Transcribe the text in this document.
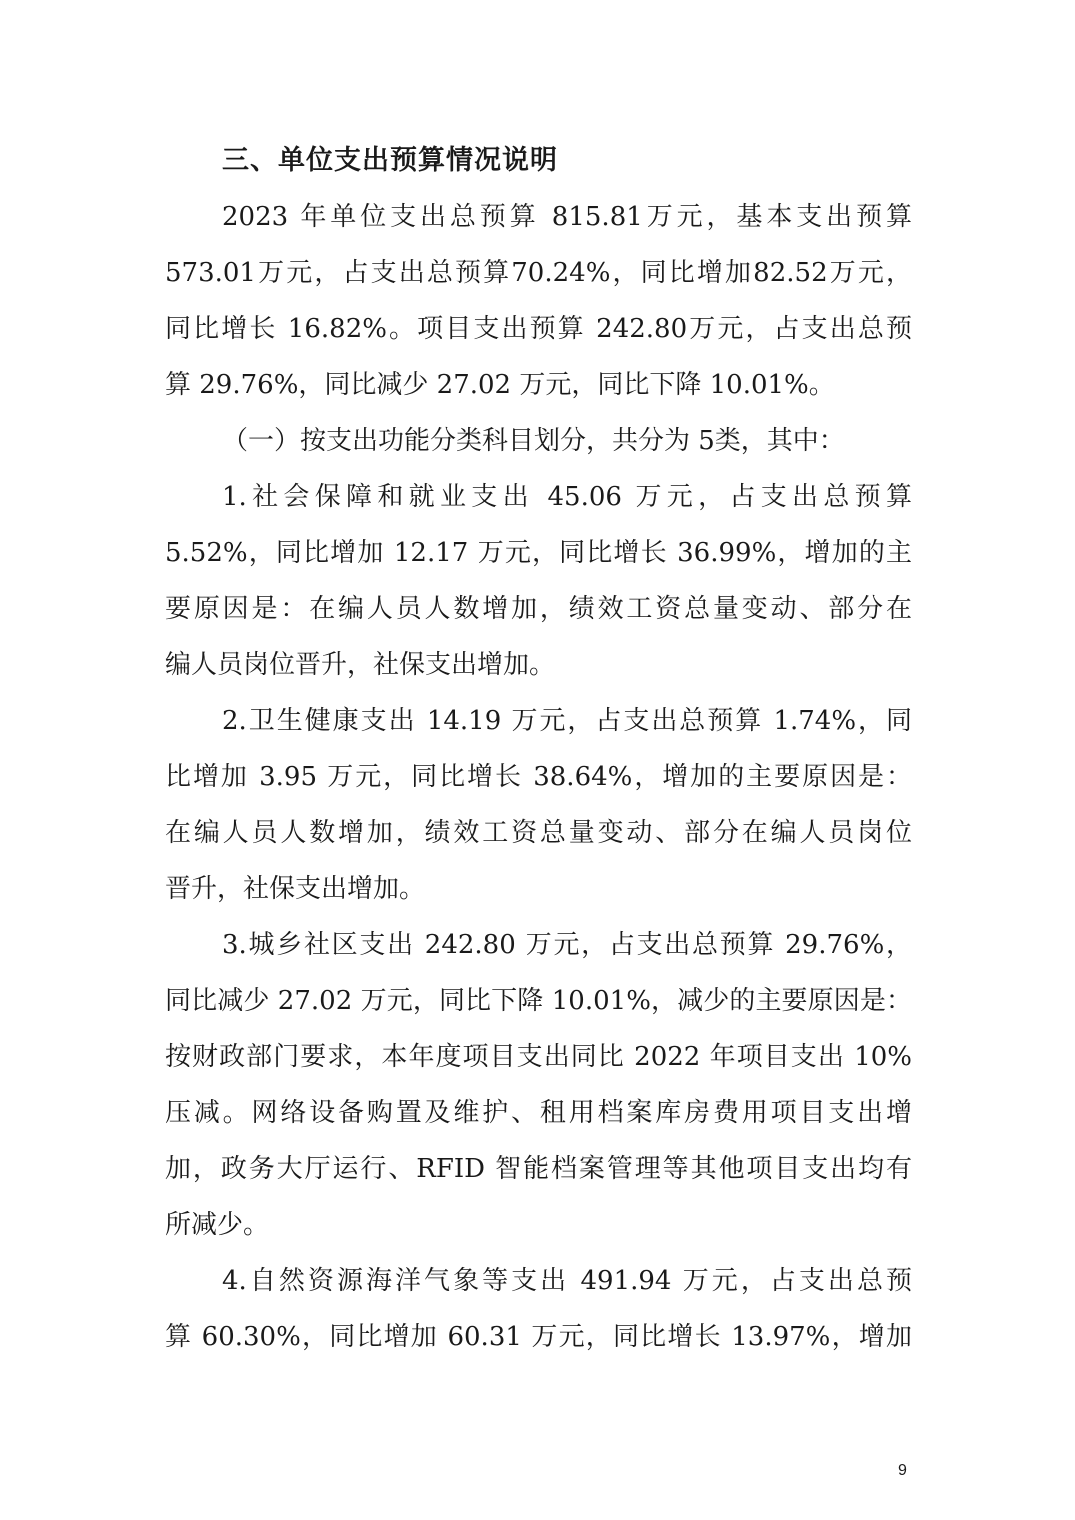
三、单位支出预算情况说明
2023 年单位支出总预算 815.81万元，基本支出预算
573.01万元，占支出总预算70.24%，同比增加82.52万元，
同比增长 16.82%。项目支出预算 242.80万元，占支出总预
算 29.76%，同比减少 27.02 万元，同比下降 10.01%。
（一）按支出功能分类科目划分，共分为 5类，其中：
1.社会保障和就业支出 45.06 万元，占支出总预算
5.52%，同比增加 12.17 万元，同比增长 36.99%，增加的主
要原因是：在编人员人数增加，绩效工资总量变动、部分在
编人员岗位晋升，社保支出增加。
2.卫生健康支出 14.19 万元，占支出总预算 1.74%，同
比增加 3.95 万元，同比增长 38.64%，增加的主要原因是：
在编人员人数增加，绩效工资总量变动、部分在编人员岗位
晋升，社保支出增加。
3.城乡社区支出 242.80 万元，占支出总预算 29.76%，
同比减少 27.02 万元，同比下降 10.01%，减少的主要原因是：
按财政部门要求，本年度项目支出同比 2022 年项目支出 10%
压减。网络设备购置及维护、租用档案库房费用项目支出增
加，政务大厅运行、RFID 智能档案管理等其他项目支出均有
所减少。
4.自然资源海洋气象等支出 491.94 万元，占支出总预
算 60.30%，同比增加 60.31 万元，同比增长 13.97%，增加
9
